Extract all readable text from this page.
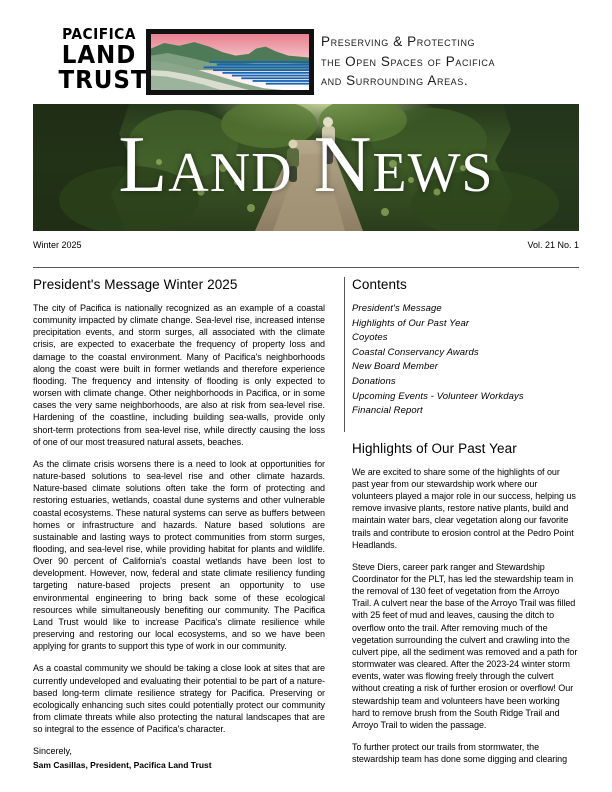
PACIFICA
LAND
TRUST
Preserving & Protecting
the Open Spaces of Pacifica
and Surrounding Areas.
Land News
Winter 2025	Vol. 21 No. 1
President's Message Winter 2025

The city of Pacifica is nationally recognized as an example of a coastal community impacted by climate change. Sea-level rise, increased intense precipitation events, and storm surges, all associated with the climate crisis, are expected to exacerbate the frequency of property loss and damage to the coastal environment. Many of Pacifica's neighborhoods along the coast were built in former wetlands and therefore experience flooding. The frequency and intensity of flooding is only expected to worsen with climate change. Other neighborhoods in Pacifica, or in some cases the very same neighborhoods, are also at risk from sea-level rise. Hardening of the coastline, including building sea-walls, provide only short-term protections from sea-level rise, while directly causing the loss of one of our most treasured natural assets, beaches.

As the climate crisis worsens there is a need to look at opportunities for nature-based solutions to sea-level rise and other climate hazards. Nature-based climate solutions often take the form of protecting and restoring estuaries, wetlands, coastal dune systems and other vulnerable coastal ecosystems. These natural systems can serve as buffers between homes or infrastructure and hazards. Nature based solutions are sustainable and lasting ways to protect communities from storm surges, flooding, and sea-level rise, while providing habitat for plants and wildlife. Over 90 percent of California's coastal wetlands have been lost to development. However, now, federal and state climate resiliency funding targeting nature-based projects present an opportunity to use environmental engineering to bring back some of these ecological resources while simultaneously benefiting our community. The Pacifica Land Trust would like to increase Pacifica's climate resilience while preserving and restoring our local ecosystems, and so we have been applying for grants to support this type of work in our community.

As a coastal community we should be taking a close look at sites that are currently undeveloped and evaluating their potential to be part of a nature-based long-term climate resilience strategy for Pacifica. Preserving or ecologically enhancing such sites could potentially protect our community from climate threats while also protecting the natural landscapes that are so integral to the essence of Pacifica's character.

Sincerely,

Sam Casillas, President, Pacifica Land Trust

Contents
President's Message
Highlights of Our Past Year
Coyotes
Coastal Conservancy Awards
New Board Member
Donations
Upcoming Events - Volunteer Workdays
Financial Report
Highlights of Our Past Year

We are excited to share some of the highlights of our past year from our stewardship work where our volunteers played a major role in our success, helping us remove invasive plants, restore native plants, build and maintain water bars, clear vegetation along our favorite trails and contribute to erosion control at the Pedro Point Headlands.

Steve Diers, career park ranger and Stewardship Coordinator for the PLT, has led the stewardship team in the removal of 130 feet of vegetation from the Arroyo Trail. A culvert near the base of the Arroyo Trail was filled with 25 feet of mud and leaves, causing the ditch to overflow onto the trail. After removing much of the vegetation surrounding the culvert and crawling into the culvert pipe, all the sediment was removed and a path for stormwater was cleared. After the 2023-24 winter storm events, water was flowing freely through the culvert without creating a risk of further erosion or overflow! Our stewardship team and volunteers have been working hard to remove brush from the South Ridge Trail and Arroyo Trail to widen the passage.

To further protect our trails from stormwater, the stewardship team has done some digging and clearing
